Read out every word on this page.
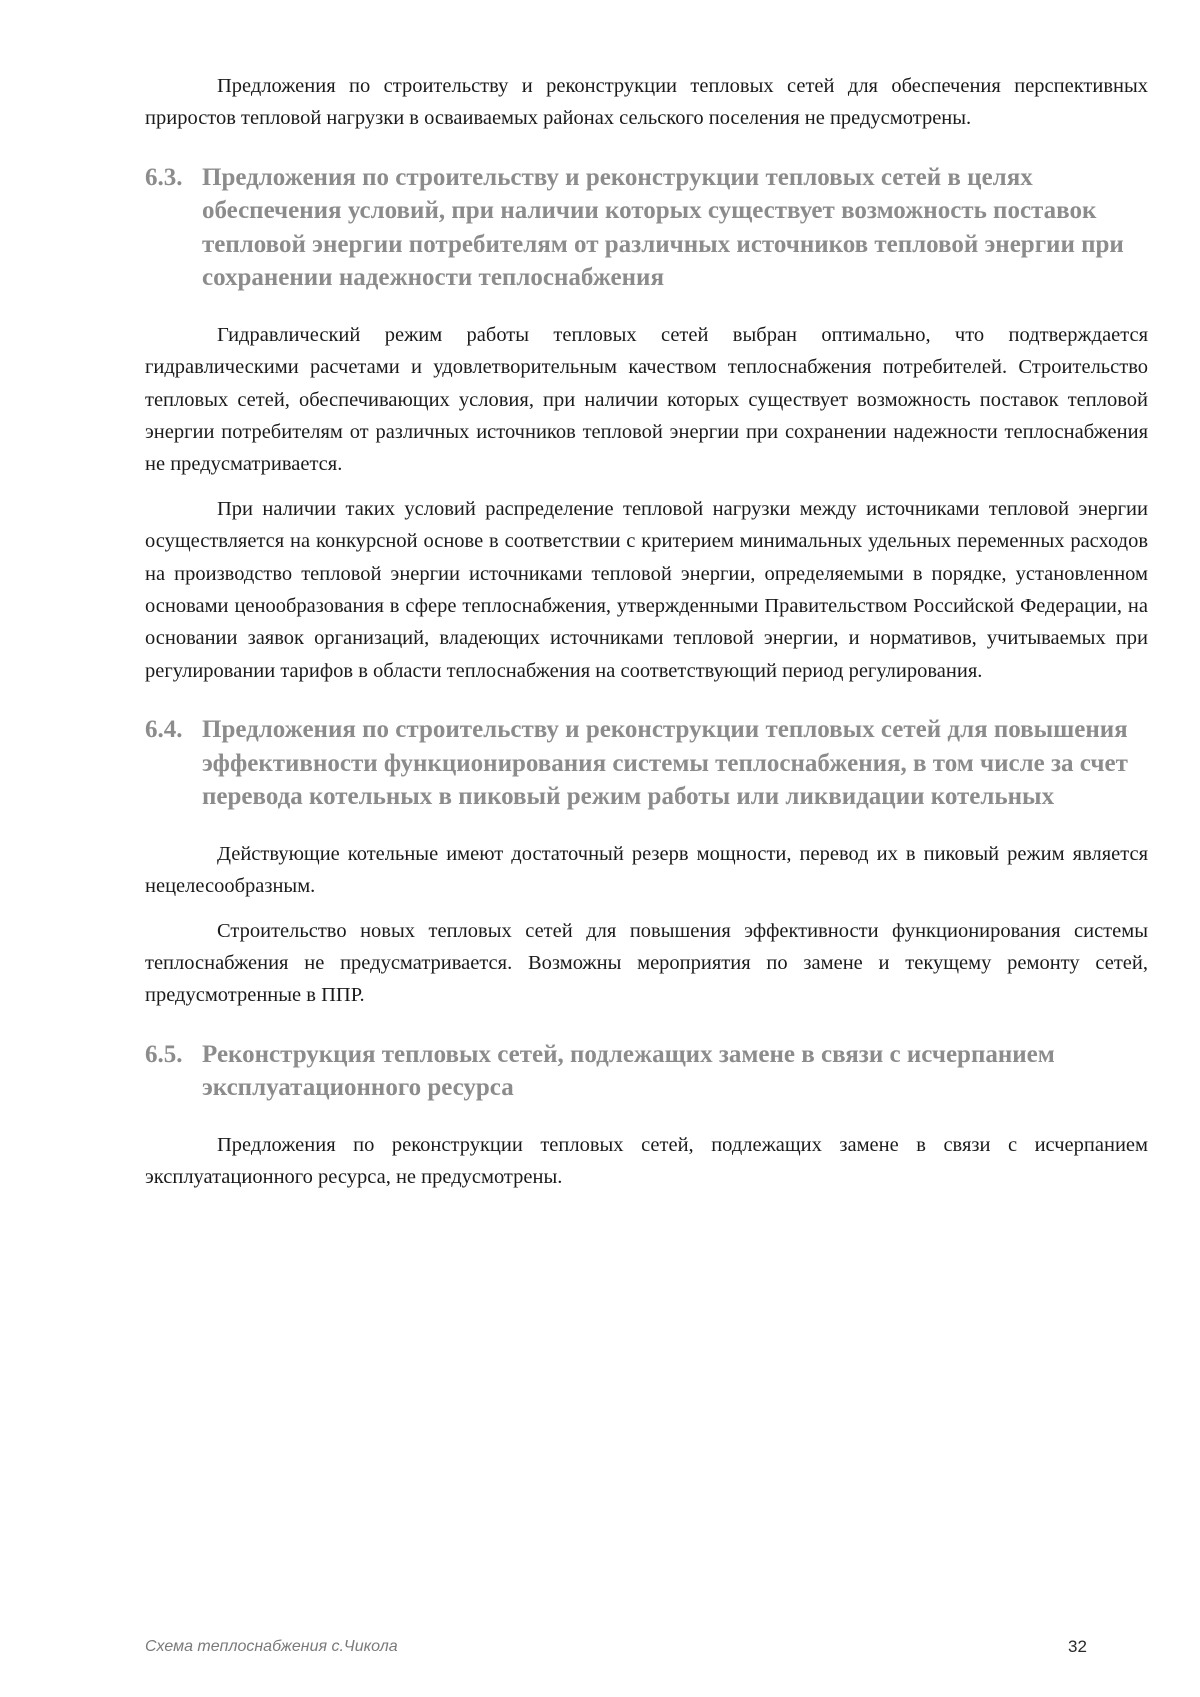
Предложения по строительству и реконструкции тепловых сетей для обеспечения перспективных приростов тепловой нагрузки в осваиваемых районах сельского поселения не предусмотрены.

6.3. Предложения по строительству и реконструкции тепловых сетей в целях обеспечения условий, при наличии которых существует возможность поставок тепловой энергии потребителям от различных источников тепловой энергии при сохранении надежности теплоснабжения

Гидравлический режим работы тепловых сетей выбран оптимально, что подтверждается гидравлическими расчетами и удовлетворительным качеством теплоснабжения потребителей. Строительство тепловых сетей, обеспечивающих условия, при наличии которых существует возможность поставок тепловой энергии потребителям от различных источников тепловой энергии при сохранении надежности теплоснабжения не предусматривается.

При наличии таких условий распределение тепловой нагрузки между источниками тепловой энергии осуществляется на конкурсной основе в соответствии с критерием минимальных удельных переменных расходов на производство тепловой энергии источниками тепловой энергии, определяемыми в порядке, установленном основами ценообразования в сфере теплоснабжения, утвержденными Правительством Российской Федерации, на основании заявок организаций, владеющих источниками тепловой энергии, и нормативов, учитываемых при регулировании тарифов в области теплоснабжения на соответствующий период регулирования.

6.4. Предложения по строительству и реконструкции тепловых сетей для повышения эффективности функционирования системы теплоснабжения, в том числе за счет перевода котельных в пиковый режим работы или ликвидации котельных

Действующие котельные имеют достаточный резерв мощности, перевод их в пиковый режим является нецелесообразным.

Строительство новых тепловых сетей для повышения эффективности функционирования системы теплоснабжения не предусматривается. Возможны мероприятия по замене и текущему ремонту сетей, предусмотренные в ППР.

6.5. Реконструкция тепловых сетей, подлежащих замене в связи с исчерпанием эксплуатационного ресурса

Предложения по реконструкции тепловых сетей, подлежащих замене в связи с исчерпанием эксплуатационного ресурса, не предусмотрены.

Схема теплоснабжения с.Чикола	32
